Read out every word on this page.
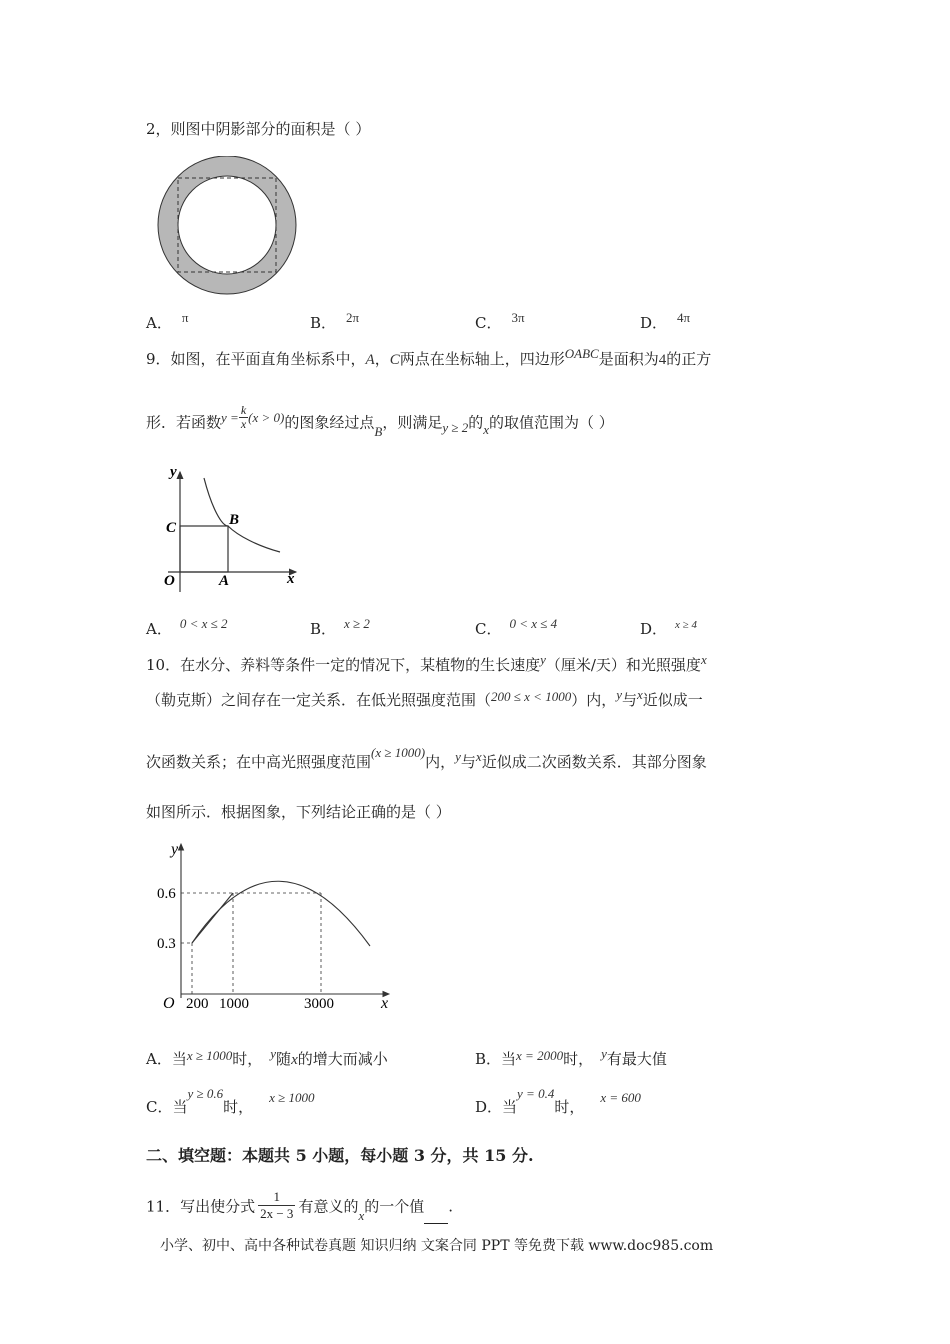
2，则图中阴影部分的面积是（ ）
A． π	B． 2π	C． 3π	D． 4π
9．如图，在平面直角坐标系中，A，C两点在坐标轴上，四边形OABC是面积为4的正方
形．若函数$y = \frac{k}{x} (x > 0)$的图象经过点B，则满足y ≥ 2的x的取值范围为（ ）
y
x
O	A
B
C
A． 0 < x ≤ 2	B． x ≥ 2	C． 0 < x ≤ 4	D． $^{x \ge 4}$
10．在水分、养料等条件一定的情况下，某植物的生长速度y（厘米/天）和光照强度x
（勒克斯）之间存在一定关系．在低光照强度范围（200 ≤ x < 1000）内，y与x近似成一
次函数关系；在中高光照强度范围(x ≥ 1000)内，y与x近似成二次函数关系．其部分图象
如图所示．根据图象，下列结论正确的是（ ）
y
x
O
0.6
0.3
200 1000	3000
A．当x ≥ 1000时， y随x的增大而减小	B．当x = 2000时， y有最大值
C．当y ≥ 0.6时，x ≥ 1000
D．当y = 0.4时，x = 600
二、填空题：本题共 5 小题，每小题 3 分，共 15 分.
11．写出使分式 $\frac{1}{2x - 3}$ 有意义的x的一个值 .
小学、初中、高中各种试卷真题 知识归纳 文案合同 PPT 等免费下载 www.doc985.com
